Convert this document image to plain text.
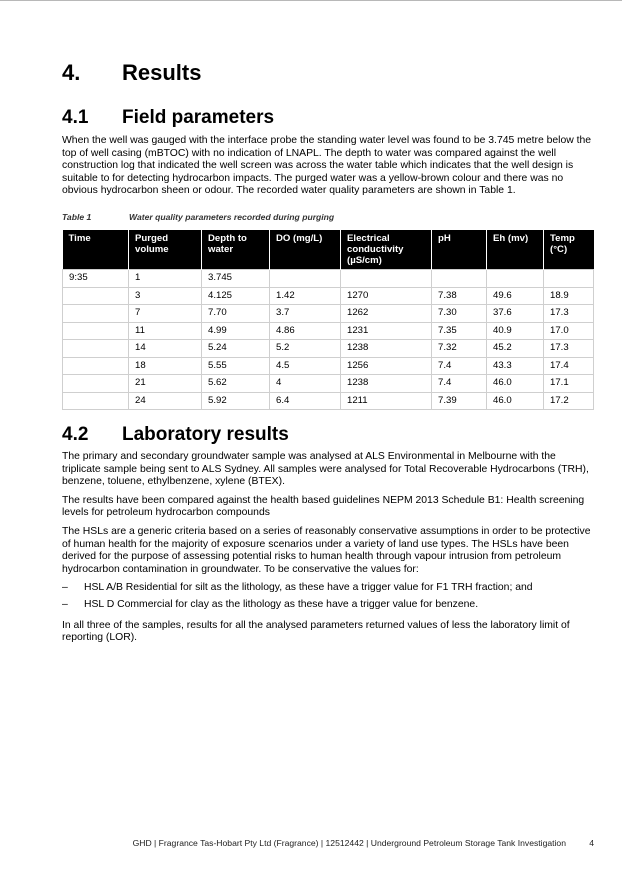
4. Results
4.1 Field parameters

When the well was gauged with the interface probe the standing water level was found to be 3.745 metre below the top of well casing (mBTOC) with no indication of LNAPL. The depth to water was compared against the well construction log that indicated the well screen was across the water table which indicates that the well design is suitable to for detecting hydrocarbon impacts. The purged water was a yellow-brown colour and there was no obvious hydrocarbon sheen or odour. The recorded water quality parameters are shown in Table 1.

Table 1	Water quality parameters recorded during purging
Time	Purged volume	Depth to water	DO (mg/L)	Electrical conductivity (µS/cm)	pH	Eh (mv)	Temp (°C)
9:35	1	3.745					
	3	4.125	1.42	1270	7.38	49.6	18.9
	7	7.70	3.7	1262	7.30	37.6	17.3
	11	4.99	4.86	1231	7.35	40.9	17.0
	14	5.24	5.2	1238	7.32	45.2	17.3
	18	5.55	4.5	1256	7.4	43.3	17.4
	21	5.62	4	1238	7.4	46.0	17.1
	24	5.92	6.4	1211	7.39	46.0	17.2
4.2 Laboratory results

The primary and secondary groundwater sample was analysed at ALS Environmental in Melbourne with the triplicate sample being sent to ALS Sydney. All samples were analysed for Total Recoverable Hydrocarbons (TRH), benzene, toluene, ethylbenzene, xylene (BTEX).

The results have been compared against the health based guidelines NEPM 2013 Schedule B1: Health screening levels for petroleum hydrocarbon compounds

The HSLs are a generic criteria based on a series of reasonably conservative assumptions in order to be protective of human health for the majority of exposure scenarios under a variety of land use types. The HSLs have been derived for the purpose of assessing potential risks to human health through vapour intrusion from petroleum hydrocarbon contamination in groundwater. To be conservative the values for:

– HSL A/B Residential for silt as the lithology, as these have a trigger value for F1 TRH fraction; and
– HSL D Commercial for clay as the lithology as these have a trigger value for benzene.

In all three of the samples, results for all the analysed parameters returned values of less the laboratory limit of reporting (LOR).

GHD | Fragrance Tas-Hobart Pty Ltd (Fragrance) | 12512442 | Underground Petroleum Storage Tank Investigation	4
